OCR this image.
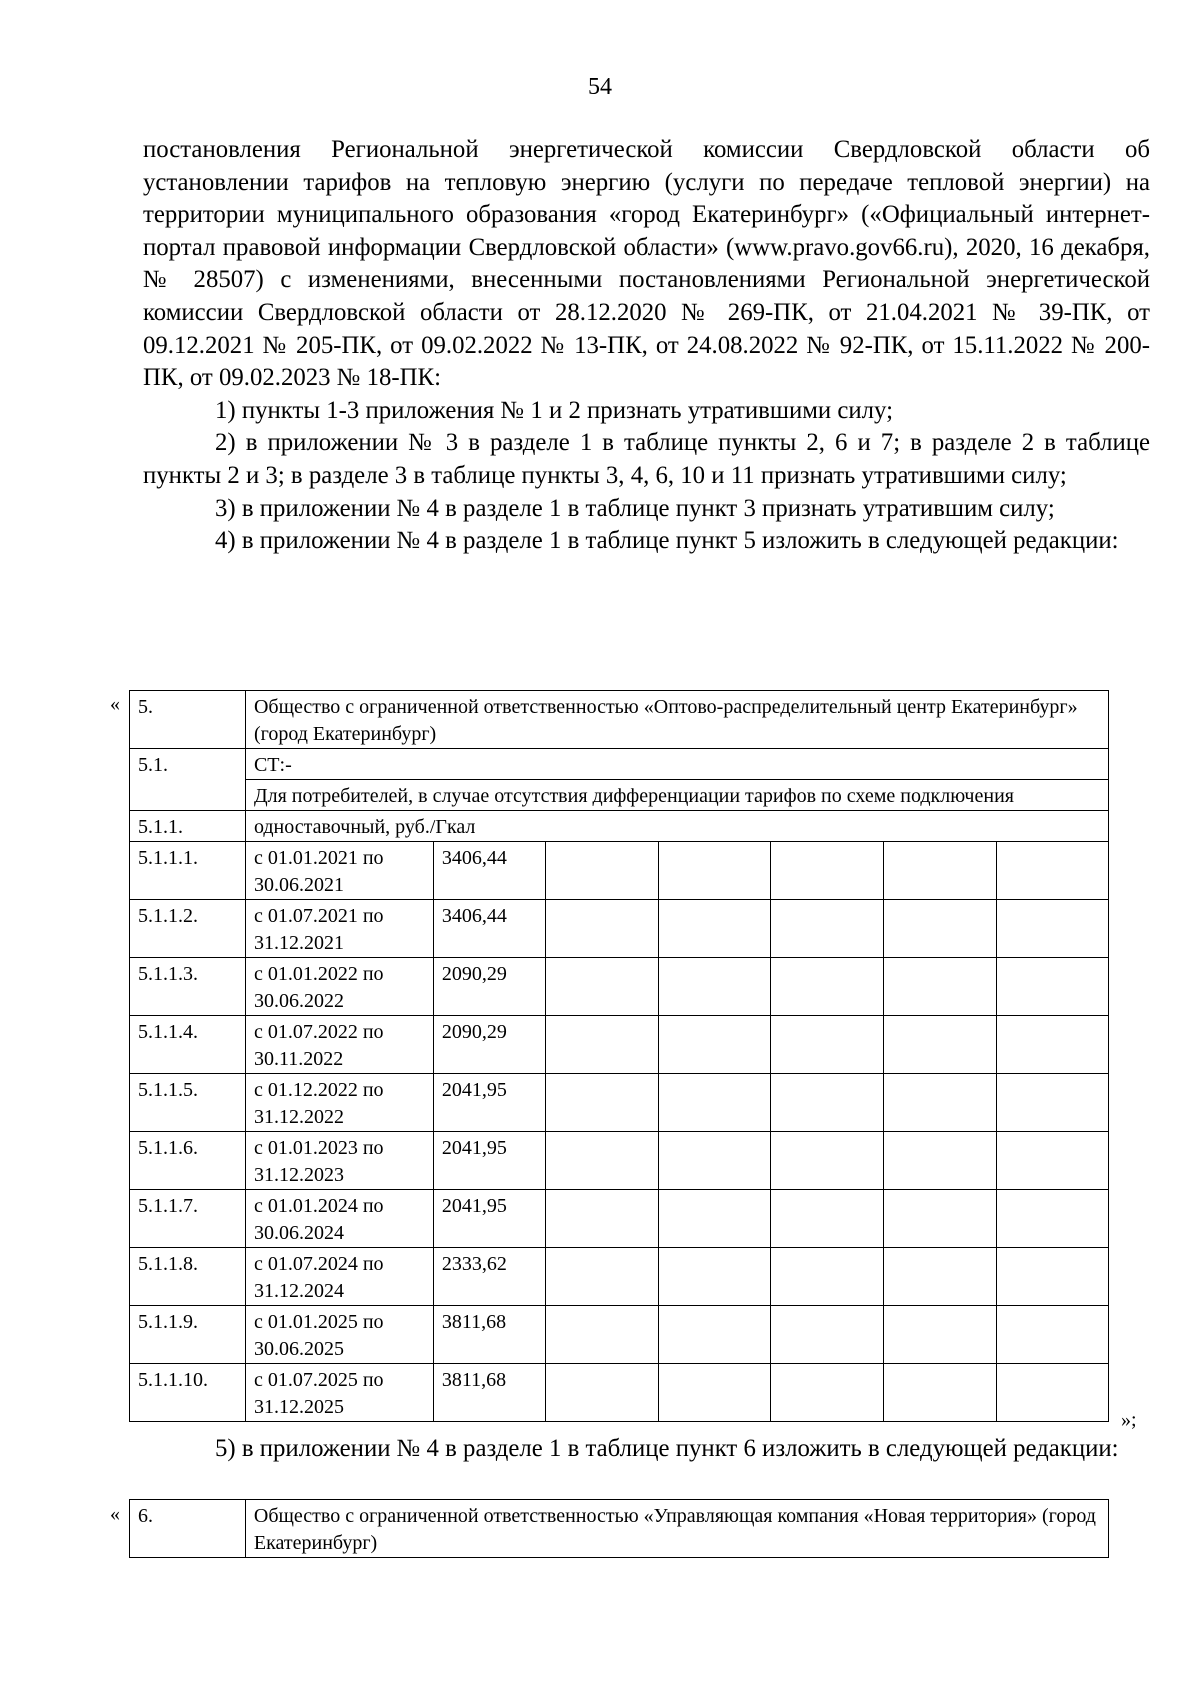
54

постановления Региональной энергетической комиссии Свердловской области об установлении тарифов на тепловую энергию (услуги по передаче тепловой энергии) на территории муниципального образования «город Екатеринбург» («Официальный интернет-портал правовой информации Свердловской области» (www.pravo.gov66.ru), 2020, 16 декабря, № 28507) с изменениями, внесенными постановлениями Региональной энергетической комиссии Свердловской области от 28.12.2020 № 269-ПК, от 21.04.2021 № 39-ПК, от 09.12.2021 № 205-ПК, от 09.02.2022 № 13-ПК, от 24.08.2022 № 92-ПК, от 15.11.2022 № 200-ПК, от 09.02.2023 № 18-ПК:

1) пункты 1-3 приложения № 1 и 2 признать утратившими силу;

2) в приложении № 3 в разделе 1 в таблице пункты 2, 6 и 7; в разделе 2 в таблице пункты 2 и 3; в разделе 3 в таблице пункты 3, 4, 6, 10 и 11 признать утратившими силу;

3) в приложении № 4 в разделе 1 в таблице пункт 3 признать утратившим силу;

4) в приложении № 4 в разделе 1 в таблице пункт 5 изложить в следующей редакции:

« 5.	Общество с ограниченной ответственностью «Оптово-распределительный центр Екатеринбург» (город Екатеринбург)						
5.1.	СТ:-						
	Для потребителей, в случае отсутствия дифференциации тарифов по схеме подключения						
5.1.1.	одноставочный, руб./Гкал						
5.1.1.1.	с 01.01.2021 по 30.06.2021	3406,44					
5.1.1.2.	с 01.07.2021 по 31.12.2021	3406,44					
5.1.1.3.	с 01.01.2022 по 30.06.2022	2090,29					
5.1.1.4.	с 01.07.2022 по 30.11.2022	2090,29					
5.1.1.5.	с 01.12.2022 по 31.12.2022	2041,95					
5.1.1.6.	с 01.01.2023 по 31.12.2023	2041,95					
5.1.1.7.	с 01.01.2024 по 30.06.2024	2041,95					
5.1.1.8.	с 01.07.2024 по 31.12.2024	2333,62					
5.1.1.9.	с 01.01.2025 по 30.06.2025	3811,68					
5.1.1.10.	с 01.07.2025 по 31.12.2025	3811,68					
»;

5) в приложении № 4 в разделе 1 в таблице пункт 6 изложить в следующей редакции:

« 6.	Общество с ограниченной ответственностью «Управляющая компания «Новая территория» (город Екатеринбург)
